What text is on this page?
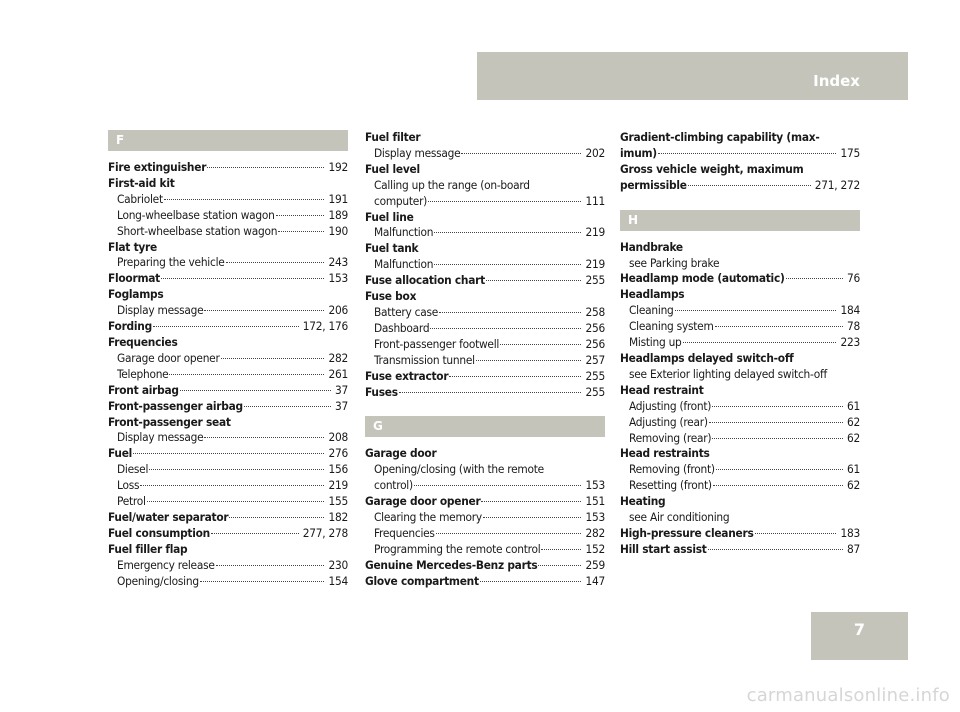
Index
F
Fire extinguisher	192
First-aid kit
Cabriolet	191
Long-wheelbase station wagon	189
Short-wheelbase station wagon	190
Flat tyre
Preparing the vehicle	243
Floormat	153
Foglamps
Display message	206
Fording	172, 176
Frequencies
Garage door opener	282
Telephone	261
Front airbag	37
Front-passenger airbag	37
Front-passenger seat
Display message	208
Fuel	276
Diesel	156
Loss	219
Petrol	155
Fuel/water separator	182
Fuel consumption	277, 278
Fuel filler flap
Emergency release	230
Opening/closing	154
Fuel filter
Display message	202
Fuel level
Calling up the range (on-board
computer)	111
Fuel line
Malfunction	219
Fuel tank
Malfunction	219
Fuse allocation chart	255
Fuse box
Battery case	258
Dashboard	256
Front-passenger footwell	256
Transmission tunnel	257
Fuse extractor	255
Fuses	255
G
Garage door
Opening/closing (with the remote
control)	153
Garage door opener	151
Clearing the memory	153
Frequencies	282
Programming the remote control	152
Genuine Mercedes-Benz parts	259
Glove compartment	147
Gradient-climbing capability (max-
imum)	175
Gross vehicle weight, maximum
permissible	271, 272
H
Handbrake
see Parking brake
Headlamp mode (automatic)	76
Headlamps
Cleaning	184
Cleaning system	78
Misting up	223
Headlamps delayed switch-off
see Exterior lighting delayed switch-off
Head restraint
Adjusting (front)	61
Adjusting (rear)	62
Removing (rear)	62
Head restraints
Removing (front)	61
Resetting (front)	62
Heating
see Air conditioning
High-pressure cleaners	183
Hill start assist	87
7
carmanualsonline.info
